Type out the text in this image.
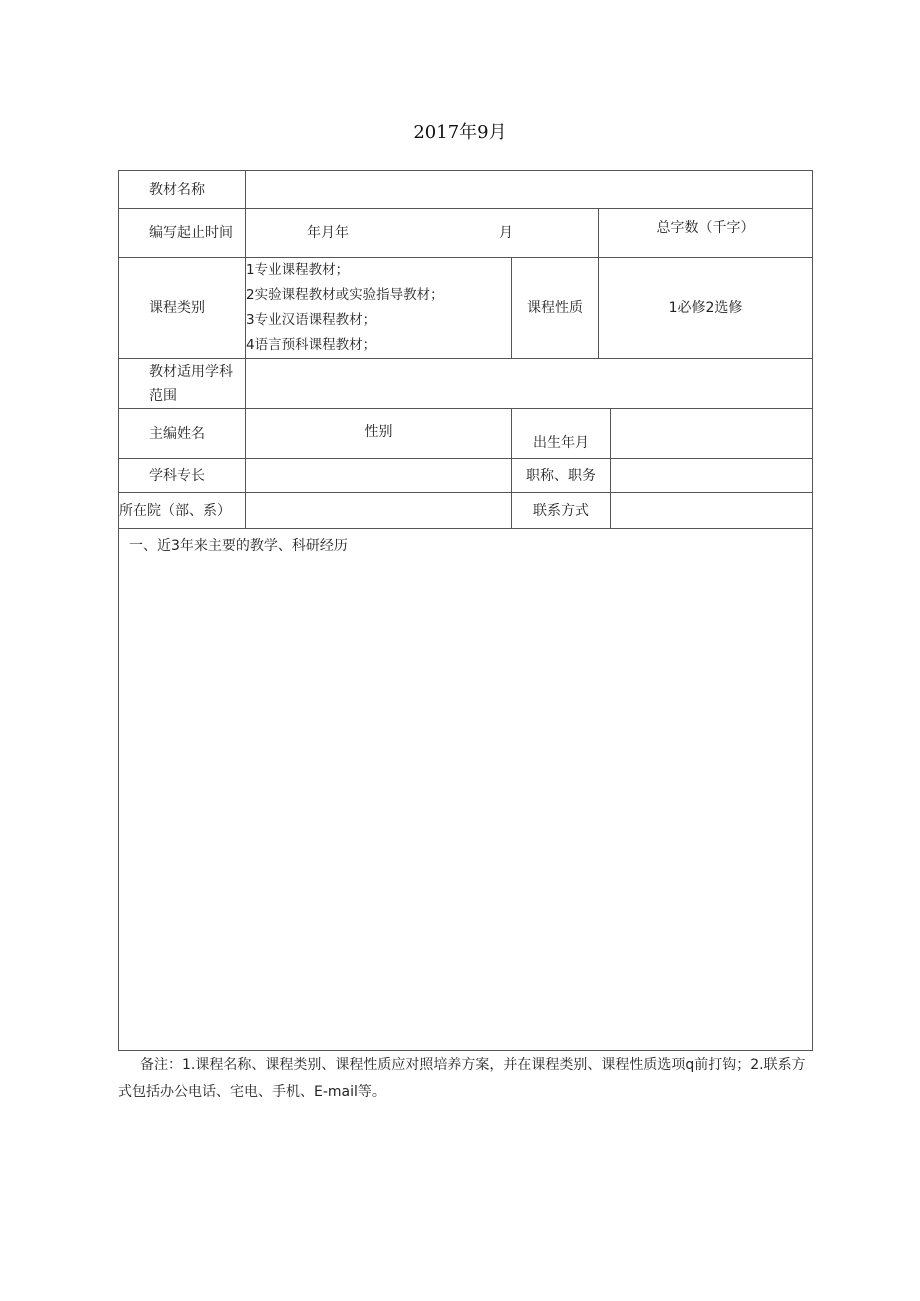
2017年9月
教材名称				
编写起止时间	年月年 月		总字数（千字）	
课程类别	1专业课程教材；
2实验课程教材或实验指导教材；
3专业汉语课程教材；
4语言预科课程教材；	课程性质	1必修2选修	
教材适用学科范围				
主编姓名	性别	出生年月		
学科专长		职称、职务		
所在院（部、系）		联系方式		
一、近3年来主要的教学、科研经历				
备注：1.课程名称、课程类别、课程性质应对照培养方案，并在课程类别、课程性质选项q前打钩；2.联系方式包括办公电话、宅电、手机、E-mail等。
